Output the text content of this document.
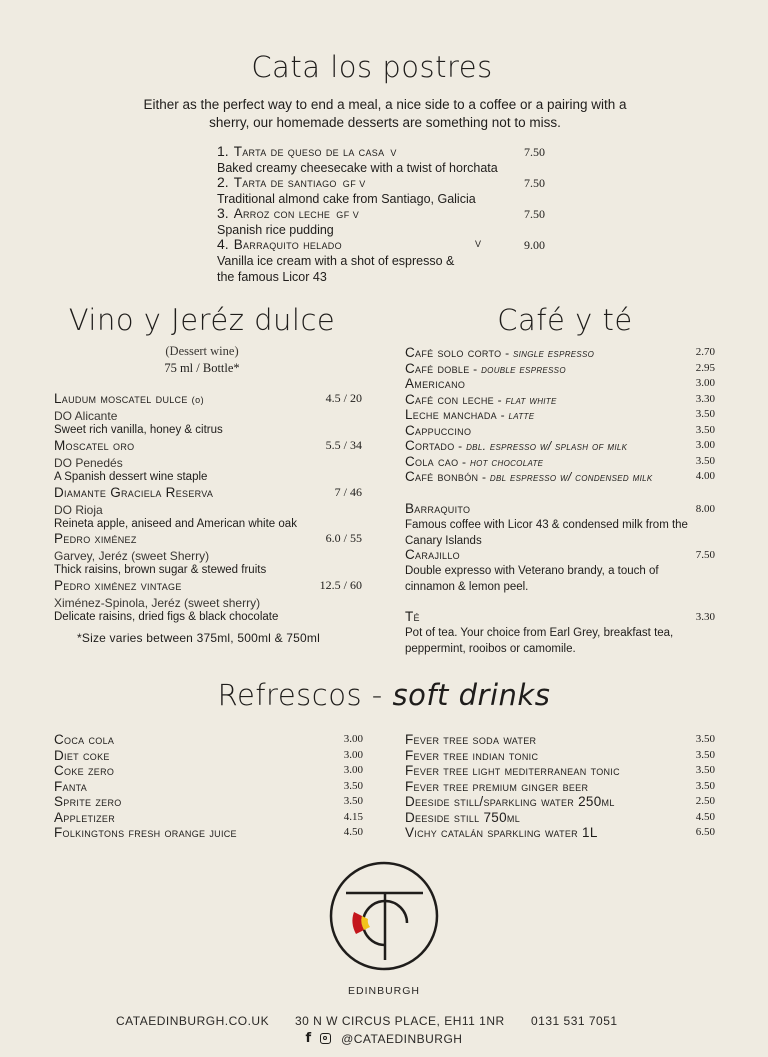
Cata los postres
Either as the perfect way to end a meal, a nice side to a coffee or a pairing with a
sherry, our homemade desserts are something not to miss.
1. Tarta de queso de la casa V	7.50
Baked creamy cheesecake with a twist of horchata
2. Tarta de santiago GF V	7.50
Traditional almond cake from Santiago, Galicia
3. Arroz con leche GF V	7.50
Spanish rice pudding
4. Barraquito helado	V	9.00
Vanilla ice cream with a shot of espresso &
the famous Licor 43
Vino y Jeréz dulce
(Dessert wine)
75 ml / Bottle*
Laudum moscatel dulce (o)	4.5 / 20
DO Alicante
Sweet rich vanilla, honey & citrus
Moscatel oro	5.5 / 34
DO Penedés
A Spanish dessert wine staple
Diamante Graciela Reserva	7 / 46
DO Rioja
Reineta apple, aniseed and American white oak
Pedro ximénez	6.0 / 55
Garvey, Jeréz (sweet Sherry)
Thick raisins, brown sugar & stewed fruits
Pedro ximénez vintage	12.5 / 60
Ximénez-Spinola, Jeréz (sweet sherry)
Delicate raisins, dried figs & black chocolate
*Size varies between 375ml, 500ml & 750ml
Café y té
Café solo corto - single espresso	2.70
Café doble - double espresso	2.95
Americano	3.00
Café con leche - flat white	3.30
Leche manchada - latte	3.50
Cappuccino	3.50
Cortado - dbl. espresso w/ splash of milk	3.00
Cola cao - hot chocolate	3.50
Café bonbón - dbl espresso w/ condensed milk	4.00
Barraquito	8.00
Famous coffee with Licor 43 & condensed milk from the
Canary Islands
Carajillo	7.50
Double expresso with Veterano brandy, a touch of
cinnamon & lemon peel.
Té	3.30
Pot of tea. Your choice from Earl Grey, breakfast tea,
peppermint, rooibos or camomile.
Refrescos - soft drinks
Coca cola	3.00
Diet coke	3.00
Coke zero	3.00
Fanta	3.50
Sprite zero	3.50
Appletizer	4.15
Folkingtons fresh orange juice	4.50
Fever tree soda water	3.50
Fever tree indian tonic	3.50
Fever tree light mediterranean tonic	3.50
Fever tree premium ginger beer	3.50
Deeside still/sparkling water 250ml	2.50
Deeside still 750ml	4.50
Vichy catalán sparkling water 1L	6.50
EDINBURGH
CATAEDINBURGH.CO.UK 30 N W CIRCUS PLACE, EH11 1NR 0131 531 7051
f @CATAEDINBURGH
